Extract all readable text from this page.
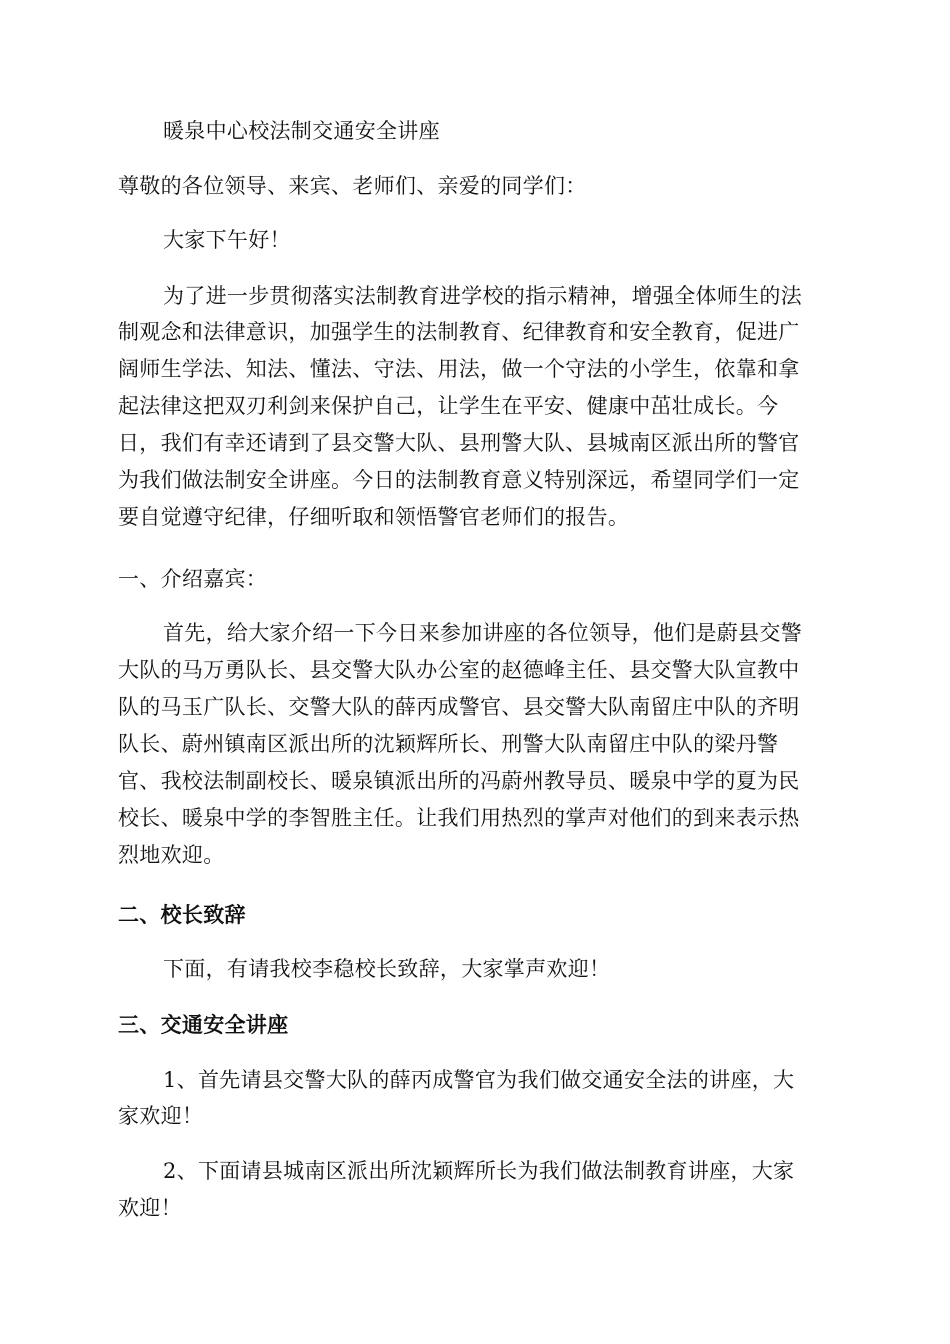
暖泉中心校法制交通安全讲座
尊敬的各位领导、来宾、老师们、亲爱的同学们：
大家下午好！
为了进一步贯彻落实法制教育进学校的指示精神，增强全体师生的法
制观念和法律意识，加强学生的法制教育、纪律教育和安全教育，促进广
阔师生学法、知法、懂法、守法、用法，做一个守法的小学生，依靠和拿
起法律这把双刃利剑来保护自己，让学生在平安、健康中茁壮成长。今
日，我们有幸还请到了县交警大队、县刑警大队、县城南区派出所的警官
为我们做法制安全讲座。今日的法制教育意义特别深远，希望同学们一定
要自觉遵守纪律，仔细听取和领悟警官老师们的报告。
一、介绍嘉宾：
首先，给大家介绍一下今日来参加讲座的各位领导，他们是蔚县交警
大队的马万勇队长、县交警大队办公室的赵德峰主任、县交警大队宣教中
队的马玉广队长、交警大队的薛丙成警官、县交警大队南留庄中队的齐明
队长、蔚州镇南区派出所的沈颖辉所长、刑警大队南留庄中队的梁丹警
官、我校法制副校长、暖泉镇派出所的冯蔚州教导员、暖泉中学的夏为民
校长、暖泉中学的李智胜主任。让我们用热烈的掌声对他们的到来表示热
烈地欢迎。
二、校长致辞
下面，有请我校李稳校长致辞，大家掌声欢迎！
三、交通安全讲座
1、首先请县交警大队的薛丙成警官为我们做交通安全法的讲座，大
家欢迎！
2、下面请县城南区派出所沈颖辉所长为我们做法制教育讲座，大家
欢迎！
